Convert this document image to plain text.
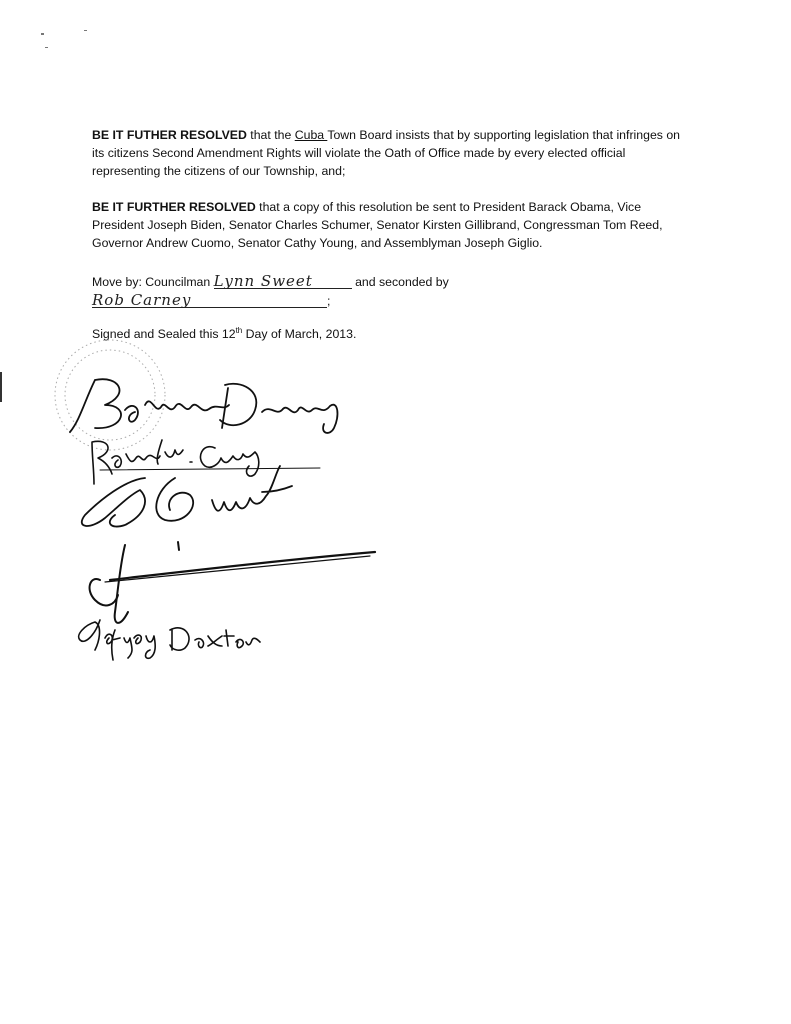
BE IT FUTHER RESOLVED that the Cuba Town Board insists that by supporting legislation that infringes on its citizens Second Amendment Rights will violate the Oath of Office made by every elected official representing the citizens of our Township, and;

BE IT FURTHER RESOLVED that a copy of this resolution be sent to President Barack Obama, Vice President Joseph Biden, Senator Charles Schumer, Senator Kirsten Gillibrand, Congressman Tom Reed, Governor Andrew Cuomo, Senator Cathy Young, and Assemblyman Joseph Giglio.

Move by: Councilman Lynn Sweet	and seconded by
Rob Carney	;
Signed and Sealed this 12th Day of March, 2013.
